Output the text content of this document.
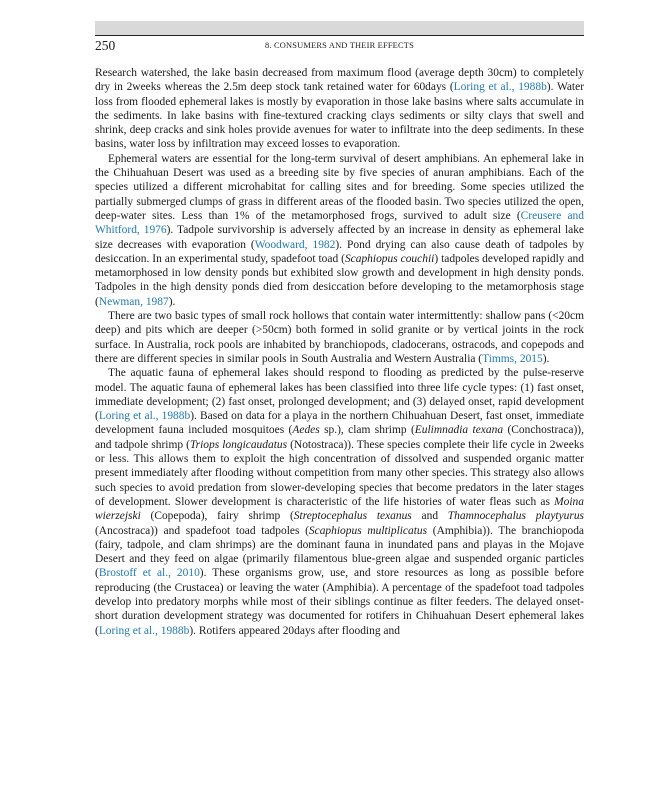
250	8. CONSUMERS AND THEIR EFFECTS

Research watershed, the lake basin decreased from maximum flood (average depth 30cm) to completely dry in 2weeks whereas the 2.5m deep stock tank retained water for 60days (Loring et al., 1988b). Water loss from flooded ephemeral lakes is mostly by evaporation in those lake basins where salts accumulate in the sediments. In lake basins with fine-textured cracking clays sediments or silty clays that swell and shrink, deep cracks and sink holes provide avenues for water to infiltrate into the deep sediments. In these basins, water loss by infiltration may exceed losses to evaporation.

Ephemeral waters are essential for the long-term survival of desert amphibians. An ephemeral lake in the Chihuahuan Desert was used as a breeding site by five species of anuran amphibians. Each of the species utilized a different microhabitat for calling sites and for breeding. Some species utilized the partially submerged clumps of grass in different areas of the flooded basin. Two species utilized the open, deep-water sites. Less than 1% of the metamorphosed frogs, survived to adult size (Creusere and Whitford, 1976). Tadpole survivorship is adversely affected by an increase in density as ephemeral lake size decreases with evaporation (Woodward, 1982). Pond drying can also cause death of tadpoles by desiccation. In an experimental study, spadefoot toad (Scaphiopus couchii) tadpoles developed rapidly and metamorphosed in low density ponds but exhibited slow growth and development in high density ponds. Tadpoles in the high density ponds died from desiccation before developing to the metamorphosis stage (Newman, 1987).

There are two basic types of small rock hollows that contain water intermittently: shallow pans (<20cm deep) and pits which are deeper (>50cm) both formed in solid granite or by vertical joints in the rock surface. In Australia, rock pools are inhabited by branchiopods, cladocerans, ostracods, and copepods and there are different species in similar pools in South Australia and Western Australia (Timms, 2015).

The aquatic fauna of ephemeral lakes should respond to flooding as predicted by the pulse-reserve model. The aquatic fauna of ephemeral lakes has been classified into three life cycle types: (1) fast onset, immediate development; (2) fast onset, prolonged development; and (3) delayed onset, rapid development (Loring et al., 1988b). Based on data for a playa in the northern Chihuahuan Desert, fast onset, immediate development fauna included mosquitoes (Aedes sp.), clam shrimp (Eulimnadia texana (Conchostraca)), and tadpole shrimp (Triops longicaudatus (Notostraca)). These species complete their life cycle in 2weeks or less. This allows them to exploit the high concentration of dissolved and suspended organic matter present immediately after flooding without competition from many other species. This strategy also allows such species to avoid predation from slower-developing species that become predators in the later stages of development. Slower development is characteristic of the life histories of water fleas such as Moina wierzejski (Copepoda), fairy shrimp (Streptocephalus texanus and Thamnocephalus playtyurus (Ancostraca)) and spadefoot toad tadpoles (Scaphiopus multiplicatus (Amphibia)). The branchiopoda (fairy, tadpole, and clam shrimps) are the dominant fauna in inundated pans and playas in the Mojave Desert and they feed on algae (primarily filamentous blue-green algae and suspended organic particles (Brostoff et al., 2010). These organisms grow, use, and store resources as long as possible before reproducing (the Crustacea) or leaving the water (Amphibia). A percentage of the spadefoot toad tadpoles develop into predatory morphs while most of their siblings continue as filter feeders. The delayed onset-short duration development strategy was documented for rotifers in Chihuahuan Desert ephemeral lakes (Loring et al., 1988b). Rotifers appeared 20days after flooding and
